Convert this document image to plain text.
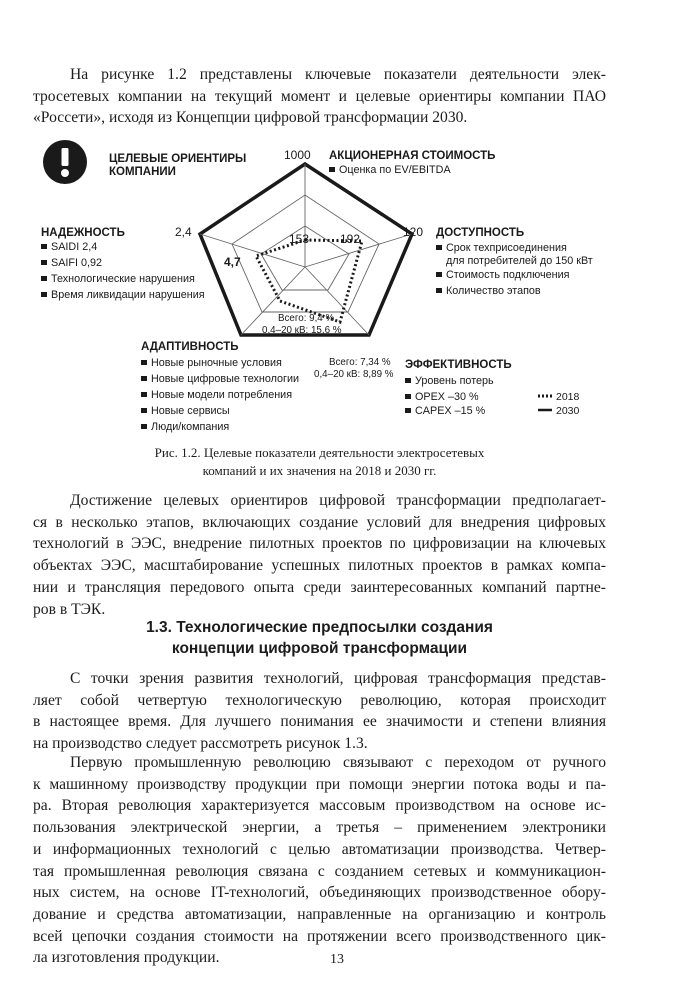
На рисунке 1.2 представлены ключевые показатели деятельности элек-
тросетевых компании на текущий момент и целевые ориентиры компании ПАО
«Россети», исходя из Концепции цифровой трансформации 2030.
ЦЕЛЕВЫЕ ОРИЕНТИРЫ
КОМПАНИИ
1000
120
2,4	153	192
4,7
Всего: 9,4 %
0,4–20 кВ: 15,6 %
АКЦИОНЕРНАЯ СТОИМОСТЬ
Оценка по EV/EBITDA
ДОСТУПНОСТЬ
Срок техприсоединения
для потребителей до 150 кВт
Стоимость подключения
Количество этапов
НАДЕЖНОСТЬ
SAIDI 2,4
SAIFI 0,92
Технологические нарушения
Время ликвидации нарушения
АДАПТИВНОСТЬ
Новые рыночные условия
Новые цифровые технологии
Новые модели потребления
Новые сервисы
Люди/компания
Всего: 7,34 %
0,4–20 кВ: 8,89 %
ЭФФЕКТИВНОСТЬ
Уровень потерь
OPEX –30 %
CAPEX –15 %
2018
2030
Рис. 1.2. Целевые показатели деятельности электросетевых
компаний и их значения на 2018 и 2030 гг.
Достижение целевых ориентиров цифровой трансформации предполагает-
ся в несколько этапов, включающих создание условий для внедрения цифровых
технологий в ЭЭС, внедрение пилотных проектов по цифровизации на ключевых
объектах ЭЭС, масштабирование успешных пилотных проектов в рамках компа-
нии и трансляция передового опыта среди заинтересованных компаний партне-
ров в ТЭК.
1.3. Технологические предпосылки создания
концепции цифровой трансформации
С точки зрения развития технологий, цифровая трансформация представ-
ляет собой четвертую технологическую революцию, которая происходит
в настоящее время. Для лучшего понимания ее значимости и степени влияния
на производство следует рассмотреть рисунок 1.3.
Первую промышленную революцию связывают с переходом от ручного
к машинному производству продукции при помощи энергии потока воды и па-
ра. Вторая революция характеризуется массовым производством на основе ис-
пользования электрической энергии, а третья – применением электроники
и информационных технологий с целью автоматизации производства. Четвер-
тая промышленная революция связана с созданием сетевых и коммуникацион-
ных систем, на основе IT-технологий, объединяющих производственное обору-
дование и средства автоматизации, направленные на организацию и контроль
всей цепочки создания стоимости на протяжении всего производственного цик-
ла изготовления продукции.	13
